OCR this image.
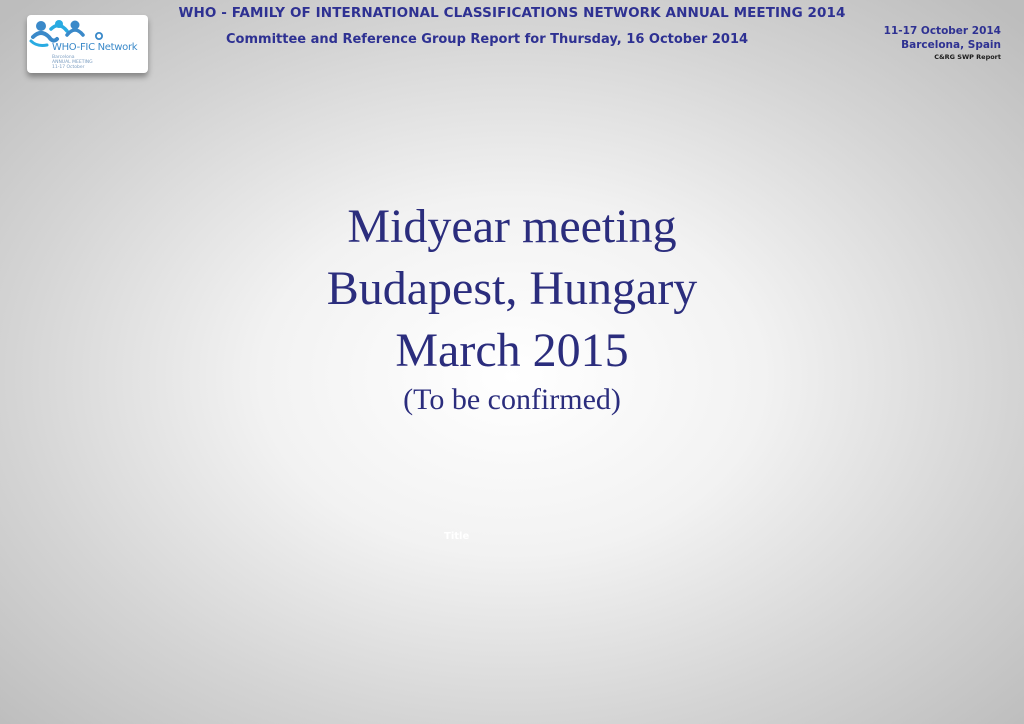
WHO-FIC Network
Barcelona
ANNUAL MEETING
11-17 October
WHO - FAMILY OF INTERNATIONAL CLASSIFICATIONS NETWORK ANNUAL MEETING 2014
Committee and Reference Group Report for Thursday, 16 October 2014
11-17 October 2014
Barcelona, Spain
C&RG SWP Report
Midyear meeting
Budapest, Hungary
March 2015
(To be confirmed)
Title
